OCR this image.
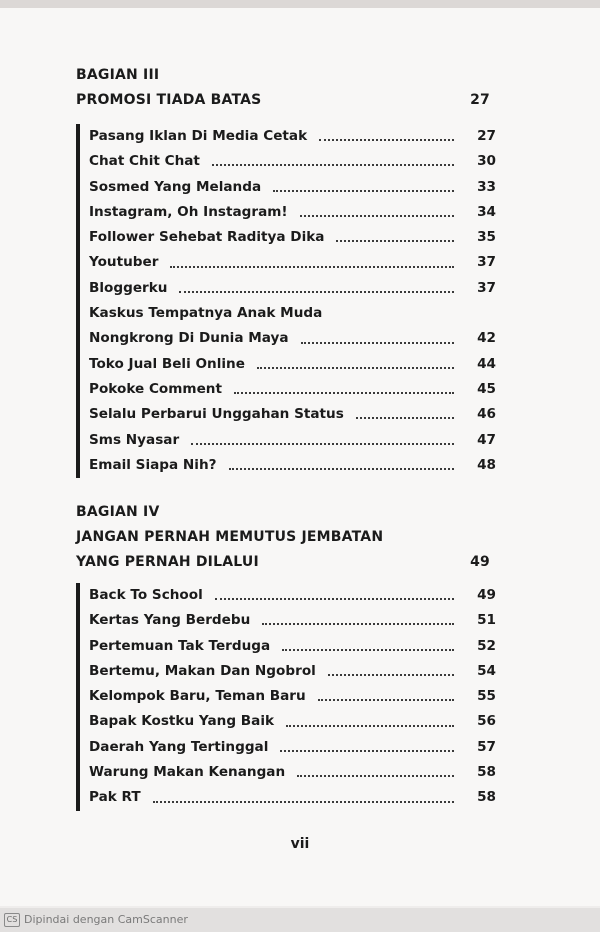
BAGIAN III
PROMOSI TIADA BATAS	27
Pasang Iklan Di Media Cetak	27
Chat Chit Chat	30
Sosmed Yang Melanda	33
Instagram, Oh Instagram!	34
Follower Sehebat Raditya Dika	35
Youtuber	37
Bloggerku	37
Kaskus Tempatnya Anak Muda
Nongkrong Di Dunia Maya	42
Toko Jual Beli Online	44
Pokoke Comment	45
Selalu Perbarui Unggahan Status	46
Sms Nyasar	47
Email Siapa Nih?	48
BAGIAN IV
JANGAN PERNAH MEMUTUS JEMBATAN
YANG PERNAH DILALUI	49
Back To School	49
Kertas Yang Berdebu	51
Pertemuan Tak Terduga	52
Bertemu, Makan Dan Ngobrol	54
Kelompok Baru, Teman Baru	55
Bapak Kostku Yang Baik	56
Daerah Yang Tertinggal	57
Warung Makan Kenangan	58
Pak RT	58
vii
CS Dipindai dengan CamScanner
